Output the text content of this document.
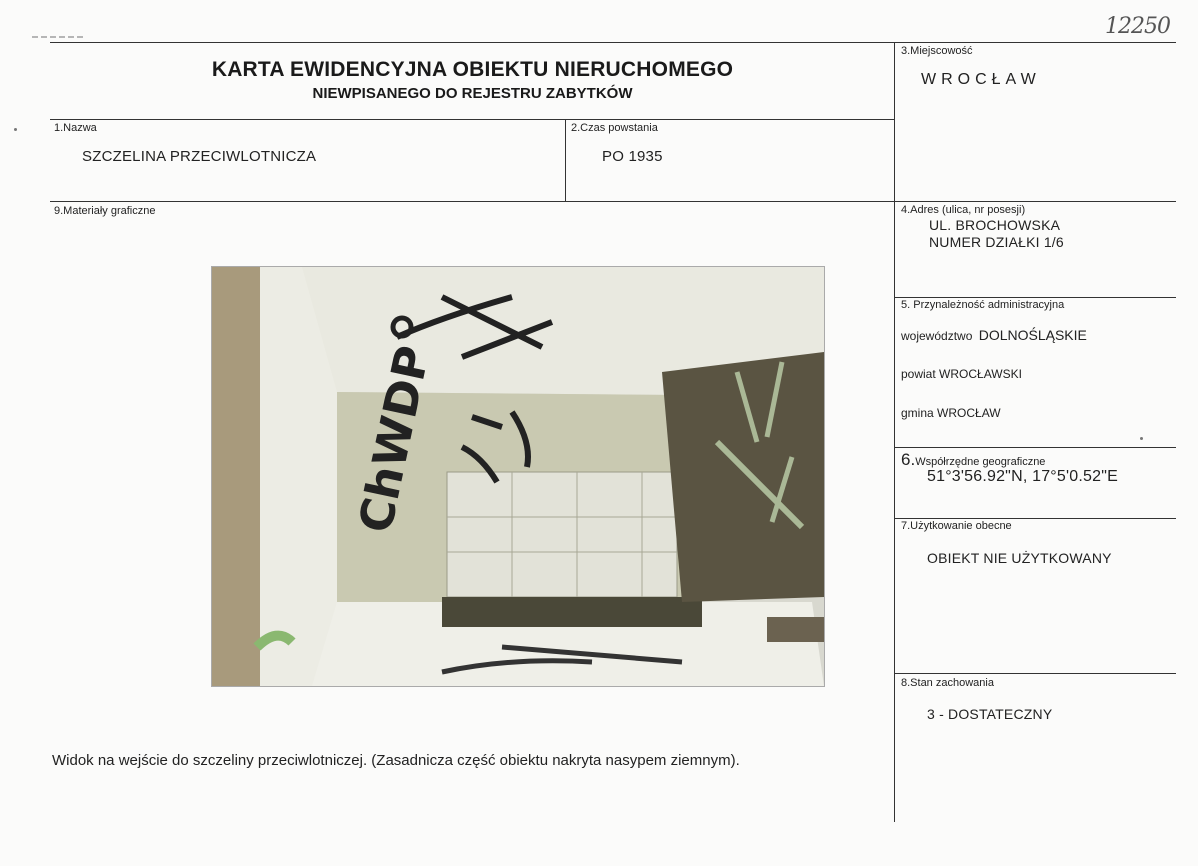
12250
KARTA EWIDENCYJNA OBIEKTU NIERUCHOMEGO
NIEWPISANEGO DO REJESTRU ZABYTKÓW
1.Nazwa
SZCZELINA PRZECIWLOTNICZA
2.Czas powstania
PO 1935
3.Miejscowość
WROCŁAW
4.Adres (ulica, nr posesji)
UL. BROCHOWSKA
NUMER DZIAŁKI 1/6
5. Przynależność administracyjna
województwo DOLNOŚLĄSKIE
powiat WROCŁAWSKI
gmina WROCŁAW
6.Współrzędne geograficzne
51°3'56.92"N, 17°5'0.52"E
7.Użytkowanie obecne
OBIEKT NIE UŻYTKOWANY
8.Stan zachowania
3 - DOSTATECZNY
9.Materiały graficzne
ChWDP
Widok na wejście do szczeliny przeciwlotniczej. (Zasadnicza część obiektu nakryta nasypem ziemnym).
